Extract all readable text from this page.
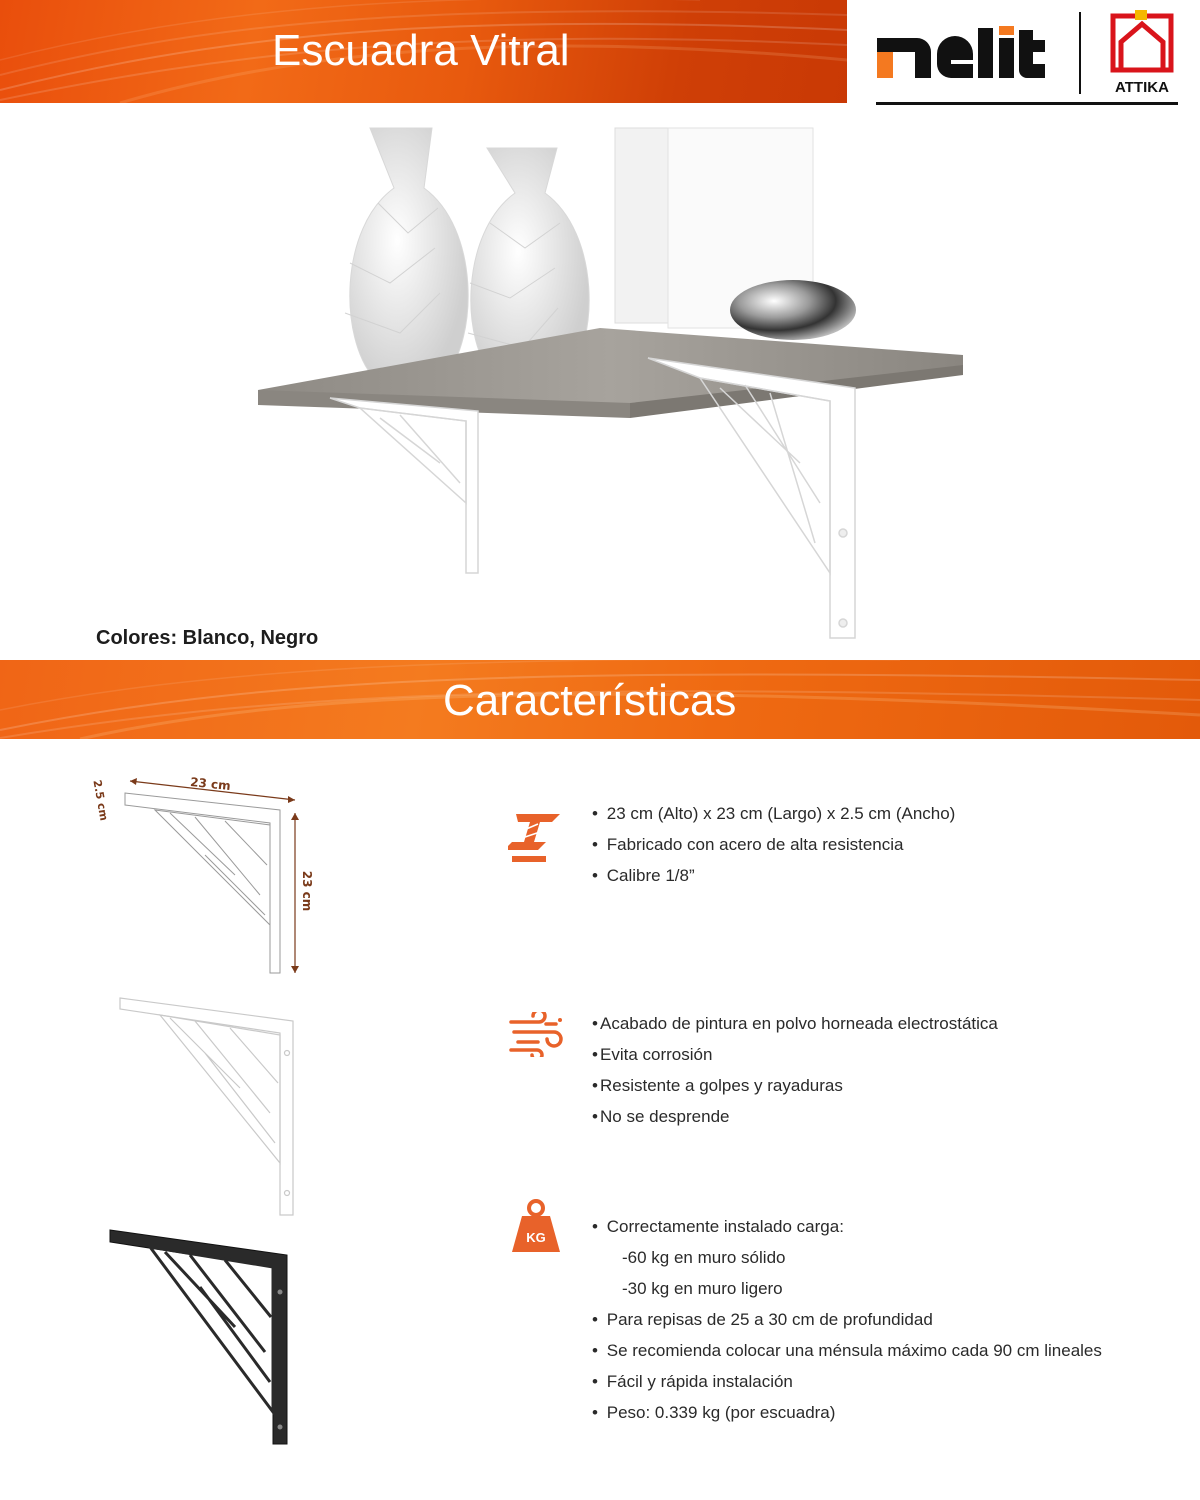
Escuadra Vitral
ATTIKA
Colores: Blanco, Negro
Características
23 cm
23 cm
2.5 cm
KG
• 23 cm (Alto) x 23 cm (Largo) x 2.5 cm (Ancho)
• Fabricado con acero de alta resistencia
• Calibre 1/8”
• Acabado de pintura en polvo horneada electrostática
• Evita corrosión
• Resistente a golpes y rayaduras
• No se desprende
• Correctamente instalado carga:
-60 kg en muro sólido
-30 kg en muro ligero
• Para repisas de 25 a 30 cm de profundidad
• Se recomienda colocar una ménsula máximo cada 90 cm lineales
• Fácil y rápida instalación
• Peso: 0.339 kg (por escuadra)
